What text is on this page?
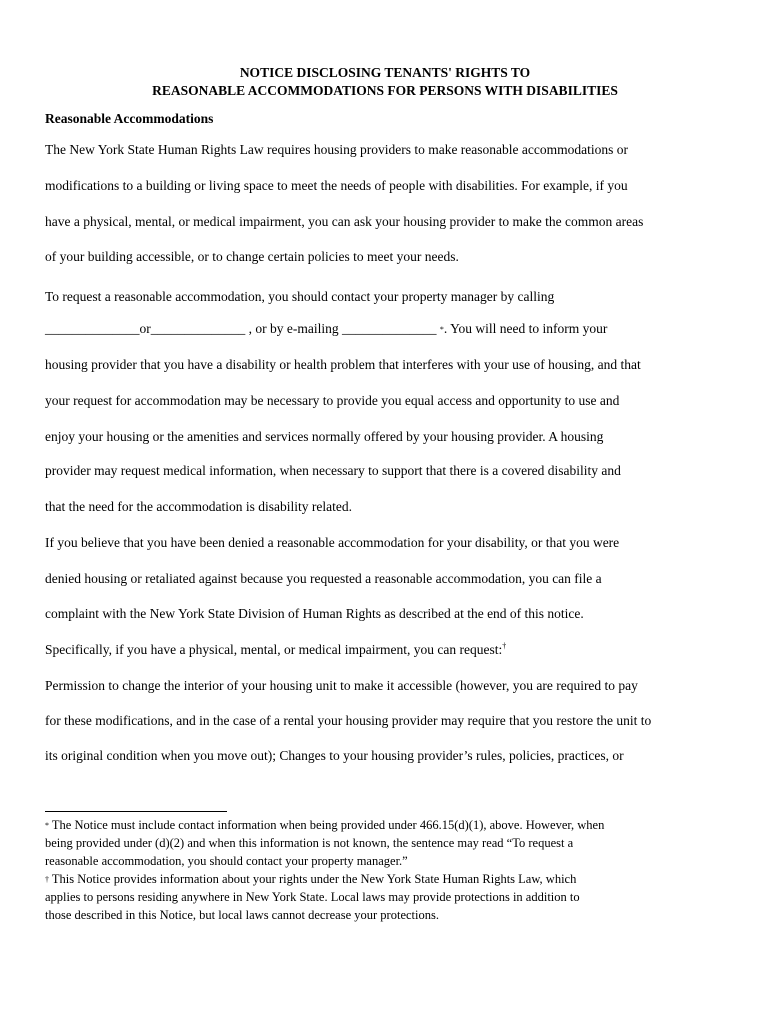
NOTICE DISCLOSING TENANTS' RIGHTS TO
REASONABLE ACCOMMODATIONS FOR PERSONS WITH DISABILITIES
Reasonable Accommodations
The New York State Human Rights Law requires housing providers to make reasonable accommodations or
modifications to a building or living space to meet the needs of people with disabilities. For example, if you
have a physical, mental, or medical impairment, you can ask your housing provider to make the common areas
of your building accessible, or to change certain policies to meet your needs.
To request a reasonable accommodation, you should contact your property manager by calling
______________or______________ , or by e-mailing ______________ *. You will need to inform your
housing provider that you have a disability or health problem that interferes with your use of housing, and that
your request for accommodation may be necessary to provide you equal access and opportunity to use and
enjoy your housing or the amenities and services normally offered by your housing provider. A housing
provider may request medical information, when necessary to support that there is a covered disability and
that the need for the accommodation is disability related.
If you believe that you have been denied a reasonable accommodation for your disability, or that you were
denied housing or retaliated against because you requested a reasonable accommodation, you can file a
complaint with the New York State Division of Human Rights as described at the end of this notice.
Specifically, if you have a physical, mental, or medical impairment, you can request:†
Permission to change the interior of your housing unit to make it accessible (however, you are required to pay
for these modifications, and in the case of a rental your housing provider may require that you restore the unit to
its original condition when you move out); Changes to your housing provider’s rules, policies, practices, or
* The Notice must include contact information when being provided under 466.15(d)(1), above. However, when
being provided under (d)(2) and when this information is not known, the sentence may read “To request a
reasonable accommodation, you should contact your property manager.”
† This Notice provides information about your rights under the New York State Human Rights Law, which
applies to persons residing anywhere in New York State. Local laws may provide protections in addition to
those described in this Notice, but local laws cannot decrease your protections.
